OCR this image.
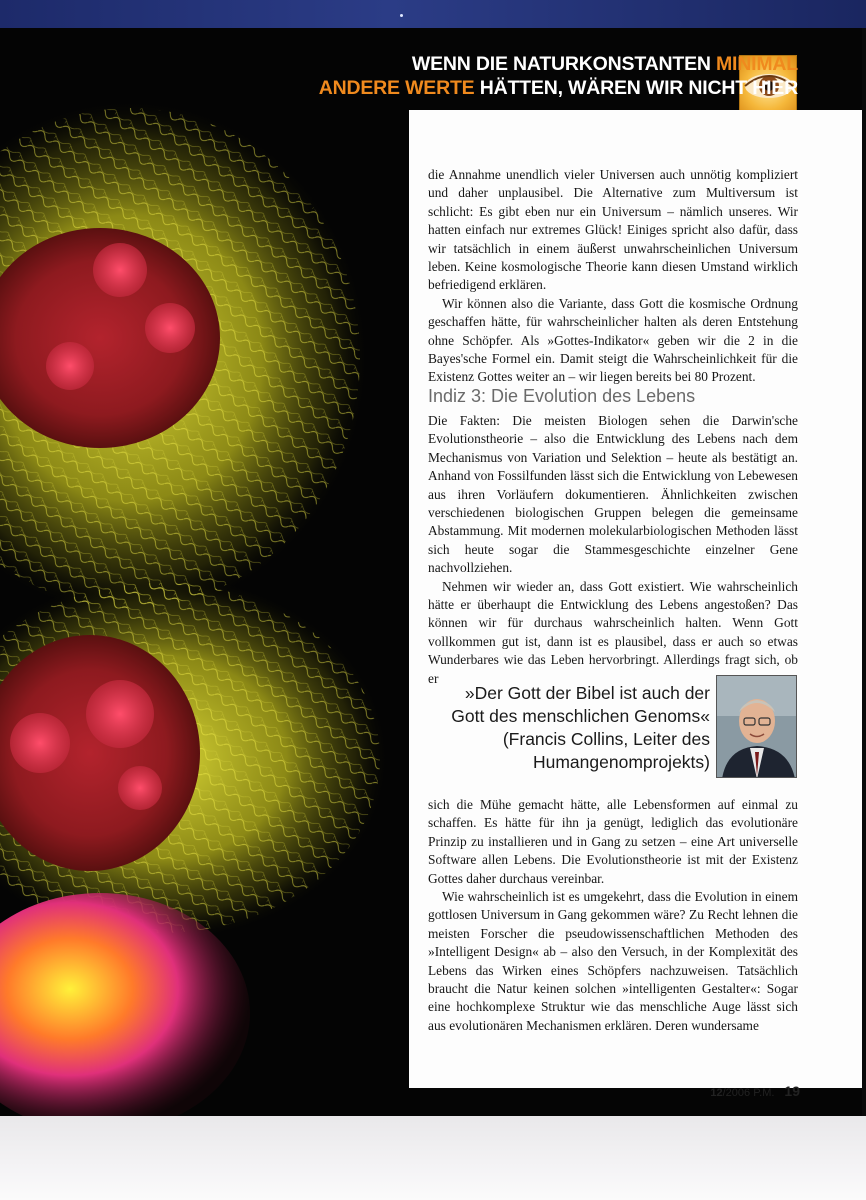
WENN DIE NATURKONSTANTEN MINIMAL
ANDERE WERTE HÄTTEN, WÄREN WIR NICHT HIER

die Annahme unendlich vieler Universen auch unnötig kompliziert und daher unplausibel. Die Alternative zum Multiversum ist schlicht: Es gibt eben nur ein Universum – nämlich unseres. Wir hatten einfach nur extremes Glück! Einiges spricht also dafür, dass wir tatsächlich in einem äußerst unwahrscheinlichen Universum leben. Keine kosmologische Theorie kann diesen Umstand wirklich befriedigend erklären.

Wir können also die Variante, dass Gott die kosmische Ordnung geschaffen hätte, für wahrscheinlicher halten als deren Entstehung ohne Schöpfer. Als »Gottes-Indikator« geben wir die 2 in die Bayes'sche Formel ein. Damit steigt die Wahrscheinlichkeit für die Existenz Gottes weiter an – wir liegen bereits bei 80 Prozent.

Indiz 3: Die Evolution des Lebens

Die Fakten: Die meisten Biologen sehen die Darwin'sche Evolutionstheorie – also die Entwicklung des Lebens nach dem Mechanismus von Variation und Selektion – heute als bestätigt an. Anhand von Fossilfunden lässt sich die Entwicklung von Lebewesen aus ihren Vorläufern dokumentieren. Ähnlichkeiten zwischen verschiedenen biologischen Gruppen belegen die gemeinsame Abstammung. Mit modernen molekularbiologischen Methoden lässt sich heute sogar die Stammesgeschichte einzelner Gene nachvollziehen.

Nehmen wir wieder an, dass Gott existiert. Wie wahrscheinlich hätte er überhaupt die Entwicklung des Lebens angestoßen? Das können wir für durchaus wahrscheinlich halten. Wenn Gott vollkommen gut ist, dann ist es plausibel, dass er auch so etwas Wunderbares wie das Leben hervorbringt. Allerdings fragt sich, ob er

»Der Gott der Bibel ist auch der Gott des menschlichen Genoms« (Francis Collins, Leiter des Humangenomprojekts)

sich die Mühe gemacht hätte, alle Lebensformen auf einmal zu schaffen. Es hätte für ihn ja genügt, lediglich das evolutionäre Prinzip zu installieren und in Gang zu setzen – eine Art universelle Software allen Lebens. Die Evolutionstheorie ist mit der Existenz Gottes daher durchaus vereinbar.

Wie wahrscheinlich ist es umgekehrt, dass die Evolution in einem gottlosen Universum in Gang gekommen wäre? Zu Recht lehnen die meisten Forscher die pseudowissenschaftlichen Methoden des »Intelligent Design« ab – also den Versuch, in der Komplexität des Lebens das Wirken eines Schöpfers nachzuweisen. Tatsächlich braucht die Natur keinen solchen »intelligenten Gestalter«: Sogar eine hochkomplexe Struktur wie das menschliche Auge lässt sich aus evolutionären Mechanismen erklären. Deren wundersame

12/2006 P.M. 19
